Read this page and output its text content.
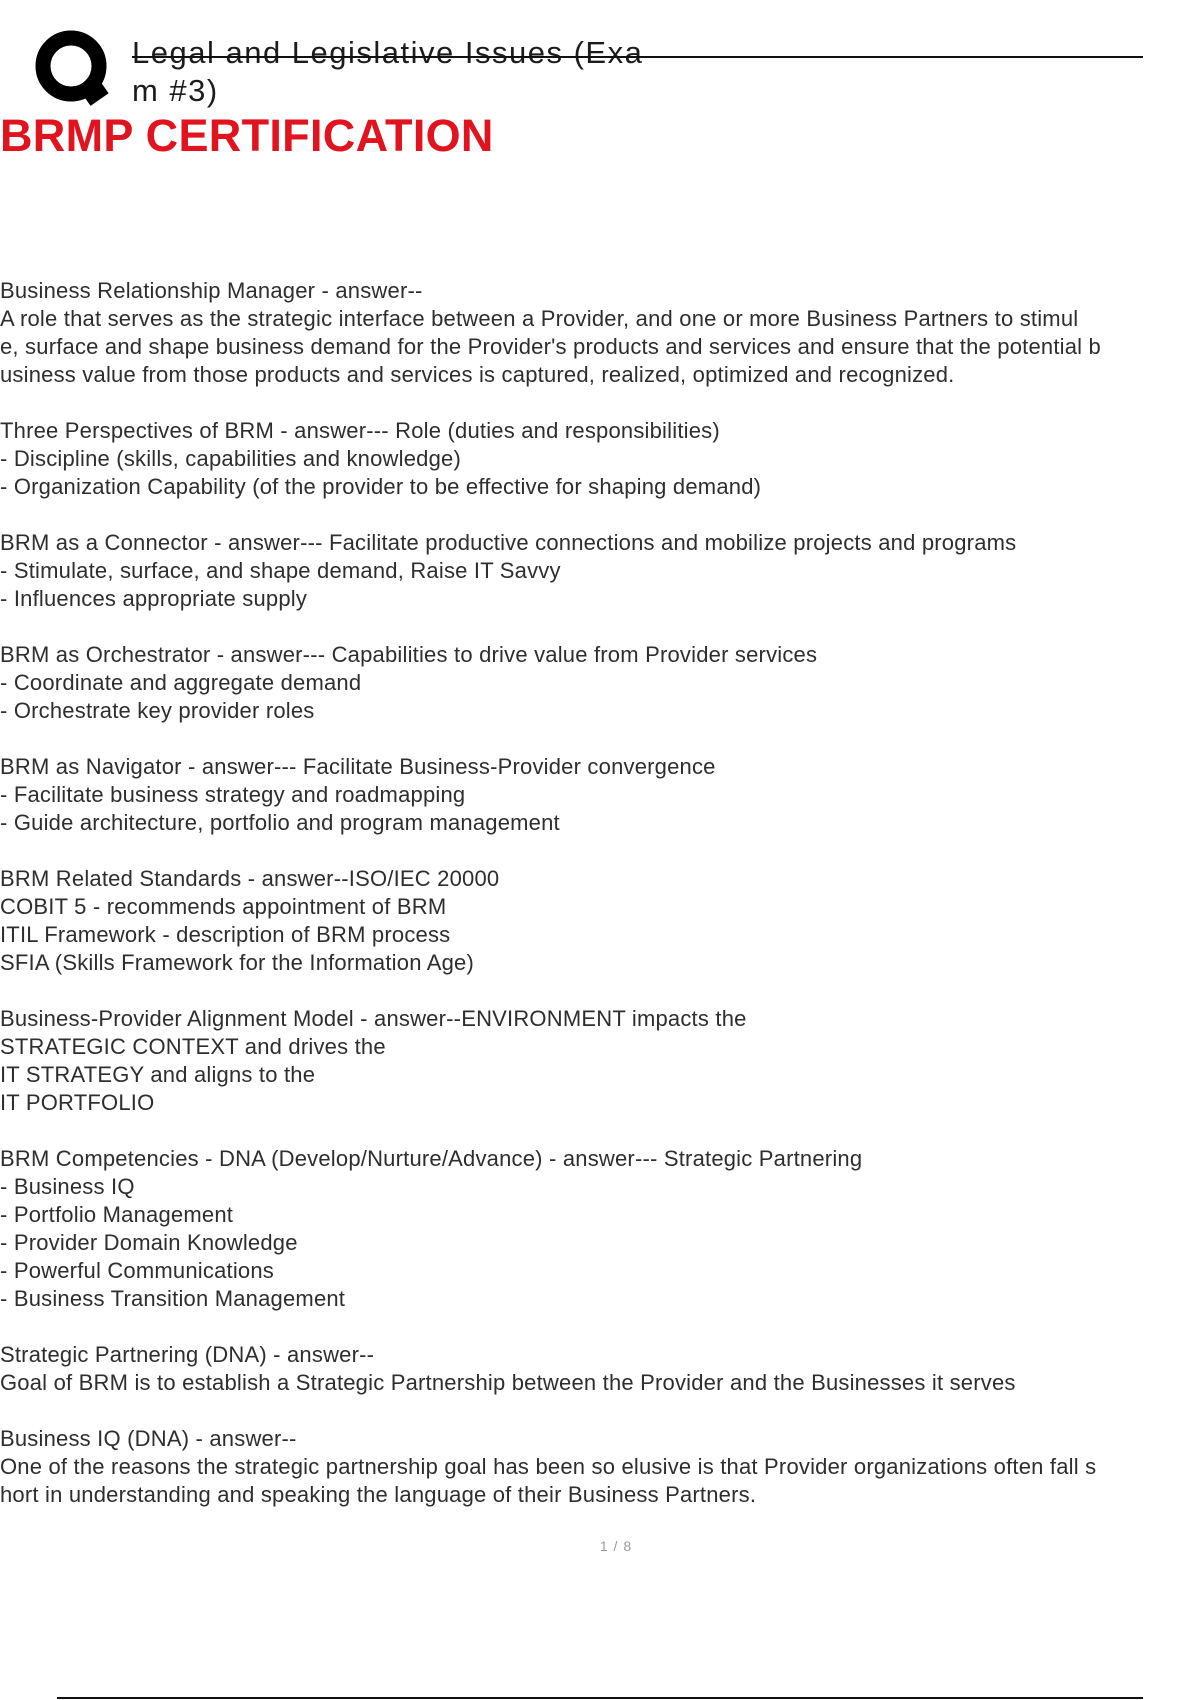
Legal and Legislative Issues (Exa
m #3)
BRMP CERTIFICATION
Business Relationship Manager - answer--
A role that serves as the strategic interface between a Provider, and one or more Business Partners to stimul
e, surface and shape business demand for the Provider's products and services and ensure that the potential b
usiness value from those products and services is captured, realized, optimized and recognized.
Three Perspectives of BRM - answer--- Role (duties and responsibilities)
- Discipline (skills, capabilities and knowledge)
- Organization Capability (of the provider to be effective for shaping demand)
BRM as a Connector - answer--- Facilitate productive connections and mobilize projects and programs
- Stimulate, surface, and shape demand, Raise IT Savvy
- Influences appropriate supply
BRM as Orchestrator - answer--- Capabilities to drive value from Provider services
- Coordinate and aggregate demand
- Orchestrate key provider roles
BRM as Navigator - answer--- Facilitate Business-Provider convergence
- Facilitate business strategy and roadmapping
- Guide architecture, portfolio and program management
BRM Related Standards - answer--ISO/IEC 20000
COBIT 5 - recommends appointment of BRM
ITIL Framework - description of BRM process
SFIA (Skills Framework for the Information Age)
Business-Provider Alignment Model - answer--ENVIRONMENT impacts the
STRATEGIC CONTEXT and drives the
IT STRATEGY and aligns to the
IT PORTFOLIO
BRM Competencies - DNA (Develop/Nurture/Advance) - answer--- Strategic Partnering
- Business IQ
- Portfolio Management
- Provider Domain Knowledge
- Powerful Communications
- Business Transition Management
Strategic Partnering (DNA) - answer--
Goal of BRM is to establish a Strategic Partnership between the Provider and the Businesses it serves
Business IQ (DNA) - answer--
One of the reasons the strategic partnership goal has been so elusive is that Provider organizations often fall s
hort in understanding and speaking the language of their Business Partners.
1 / 8
